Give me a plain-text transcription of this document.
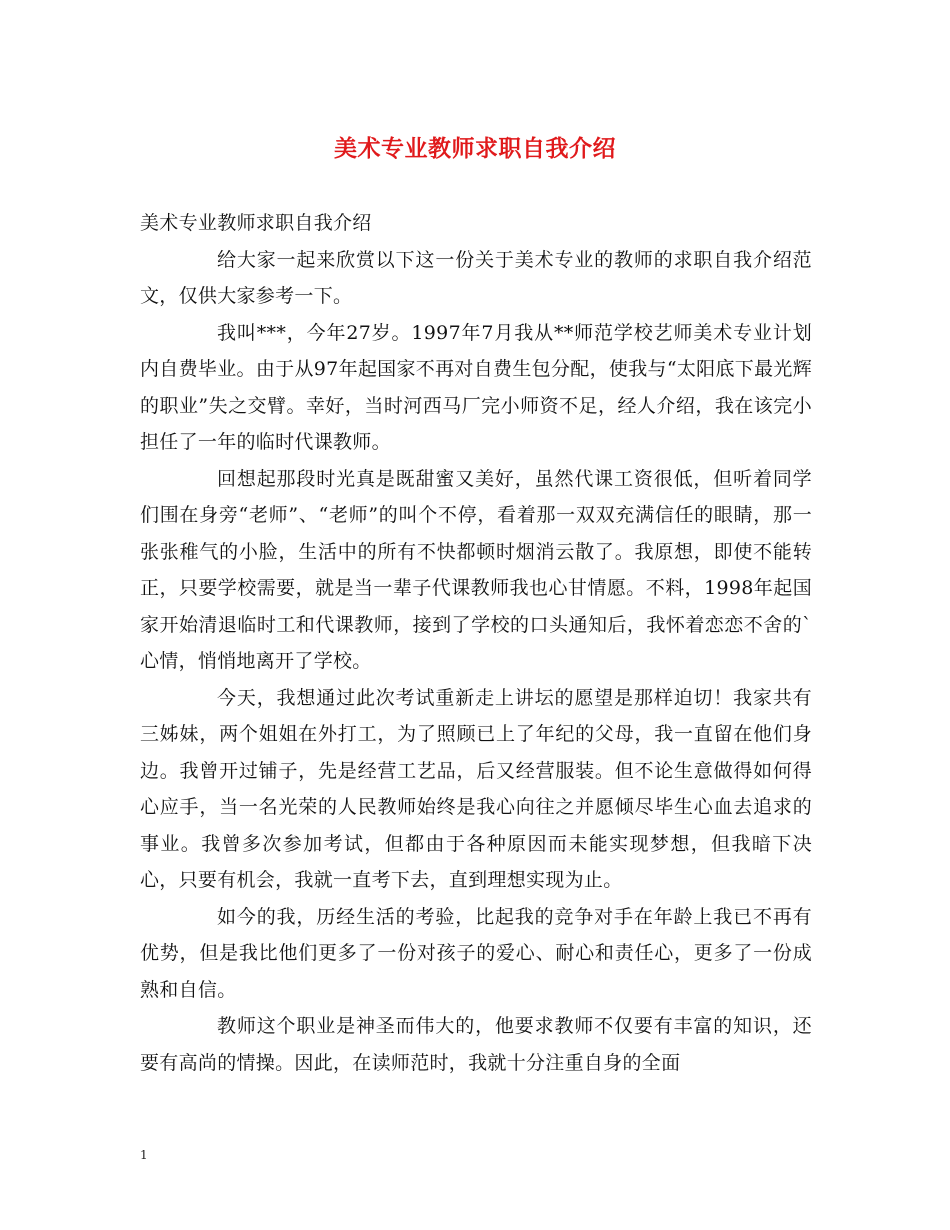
美术专业教师求职自我介绍

美术专业教师求职自我介绍

给大家一起来欣赏以下这一份关于美术专业的教师的求职自我介绍范文，仅供大家参考一下。

我叫***，今年27岁。1997年7月我从**师范学校艺师美术专业计划内自费毕业。由于从97年起国家不再对自费生包分配，使我与“太阳底下最光辉的职业”失之交臂。幸好，当时河西马厂完小师资不足，经人介绍，我在该完小担任了一年的临时代课教师。

回想起那段时光真是既甜蜜又美好，虽然代课工资很低，但听着同学们围在身旁“老师”、“老师”的叫个不停，看着那一双双充满信任的眼睛，那一张张稚气的小脸，生活中的所有不快都顿时烟消云散了。我原想，即使不能转正，只要学校需要，就是当一辈子代课教师我也心甘情愿。不料，1998年起国家开始清退临时工和代课教师，接到了学校的口头通知后，我怀着恋恋不舍的`心情，悄悄地离开了学校。

今天，我想通过此次考试重新走上讲坛的愿望是那样迫切！我家共有三姊妹，两个姐姐在外打工，为了照顾已上了年纪的父母，我一直留在他们身边。我曾开过铺子，先是经营工艺品，后又经营服装。但不论生意做得如何得心应手，当一名光荣的人民教师始终是我心向往之并愿倾尽毕生心血去追求的事业。我曾多次参加考试，但都由于各种原因而未能实现梦想，但我暗下决心，只要有机会，我就一直考下去，直到理想实现为止。

如今的我，历经生活的考验，比起我的竞争对手在年龄上我已不再有优势，但是我比他们更多了一份对孩子的爱心、耐心和责任心，更多了一份成熟和自信。

教师这个职业是神圣而伟大的，他要求教师不仅要有丰富的知识，还要有高尚的情操。因此，在读师范时，我就十分注重自身的全面

1
